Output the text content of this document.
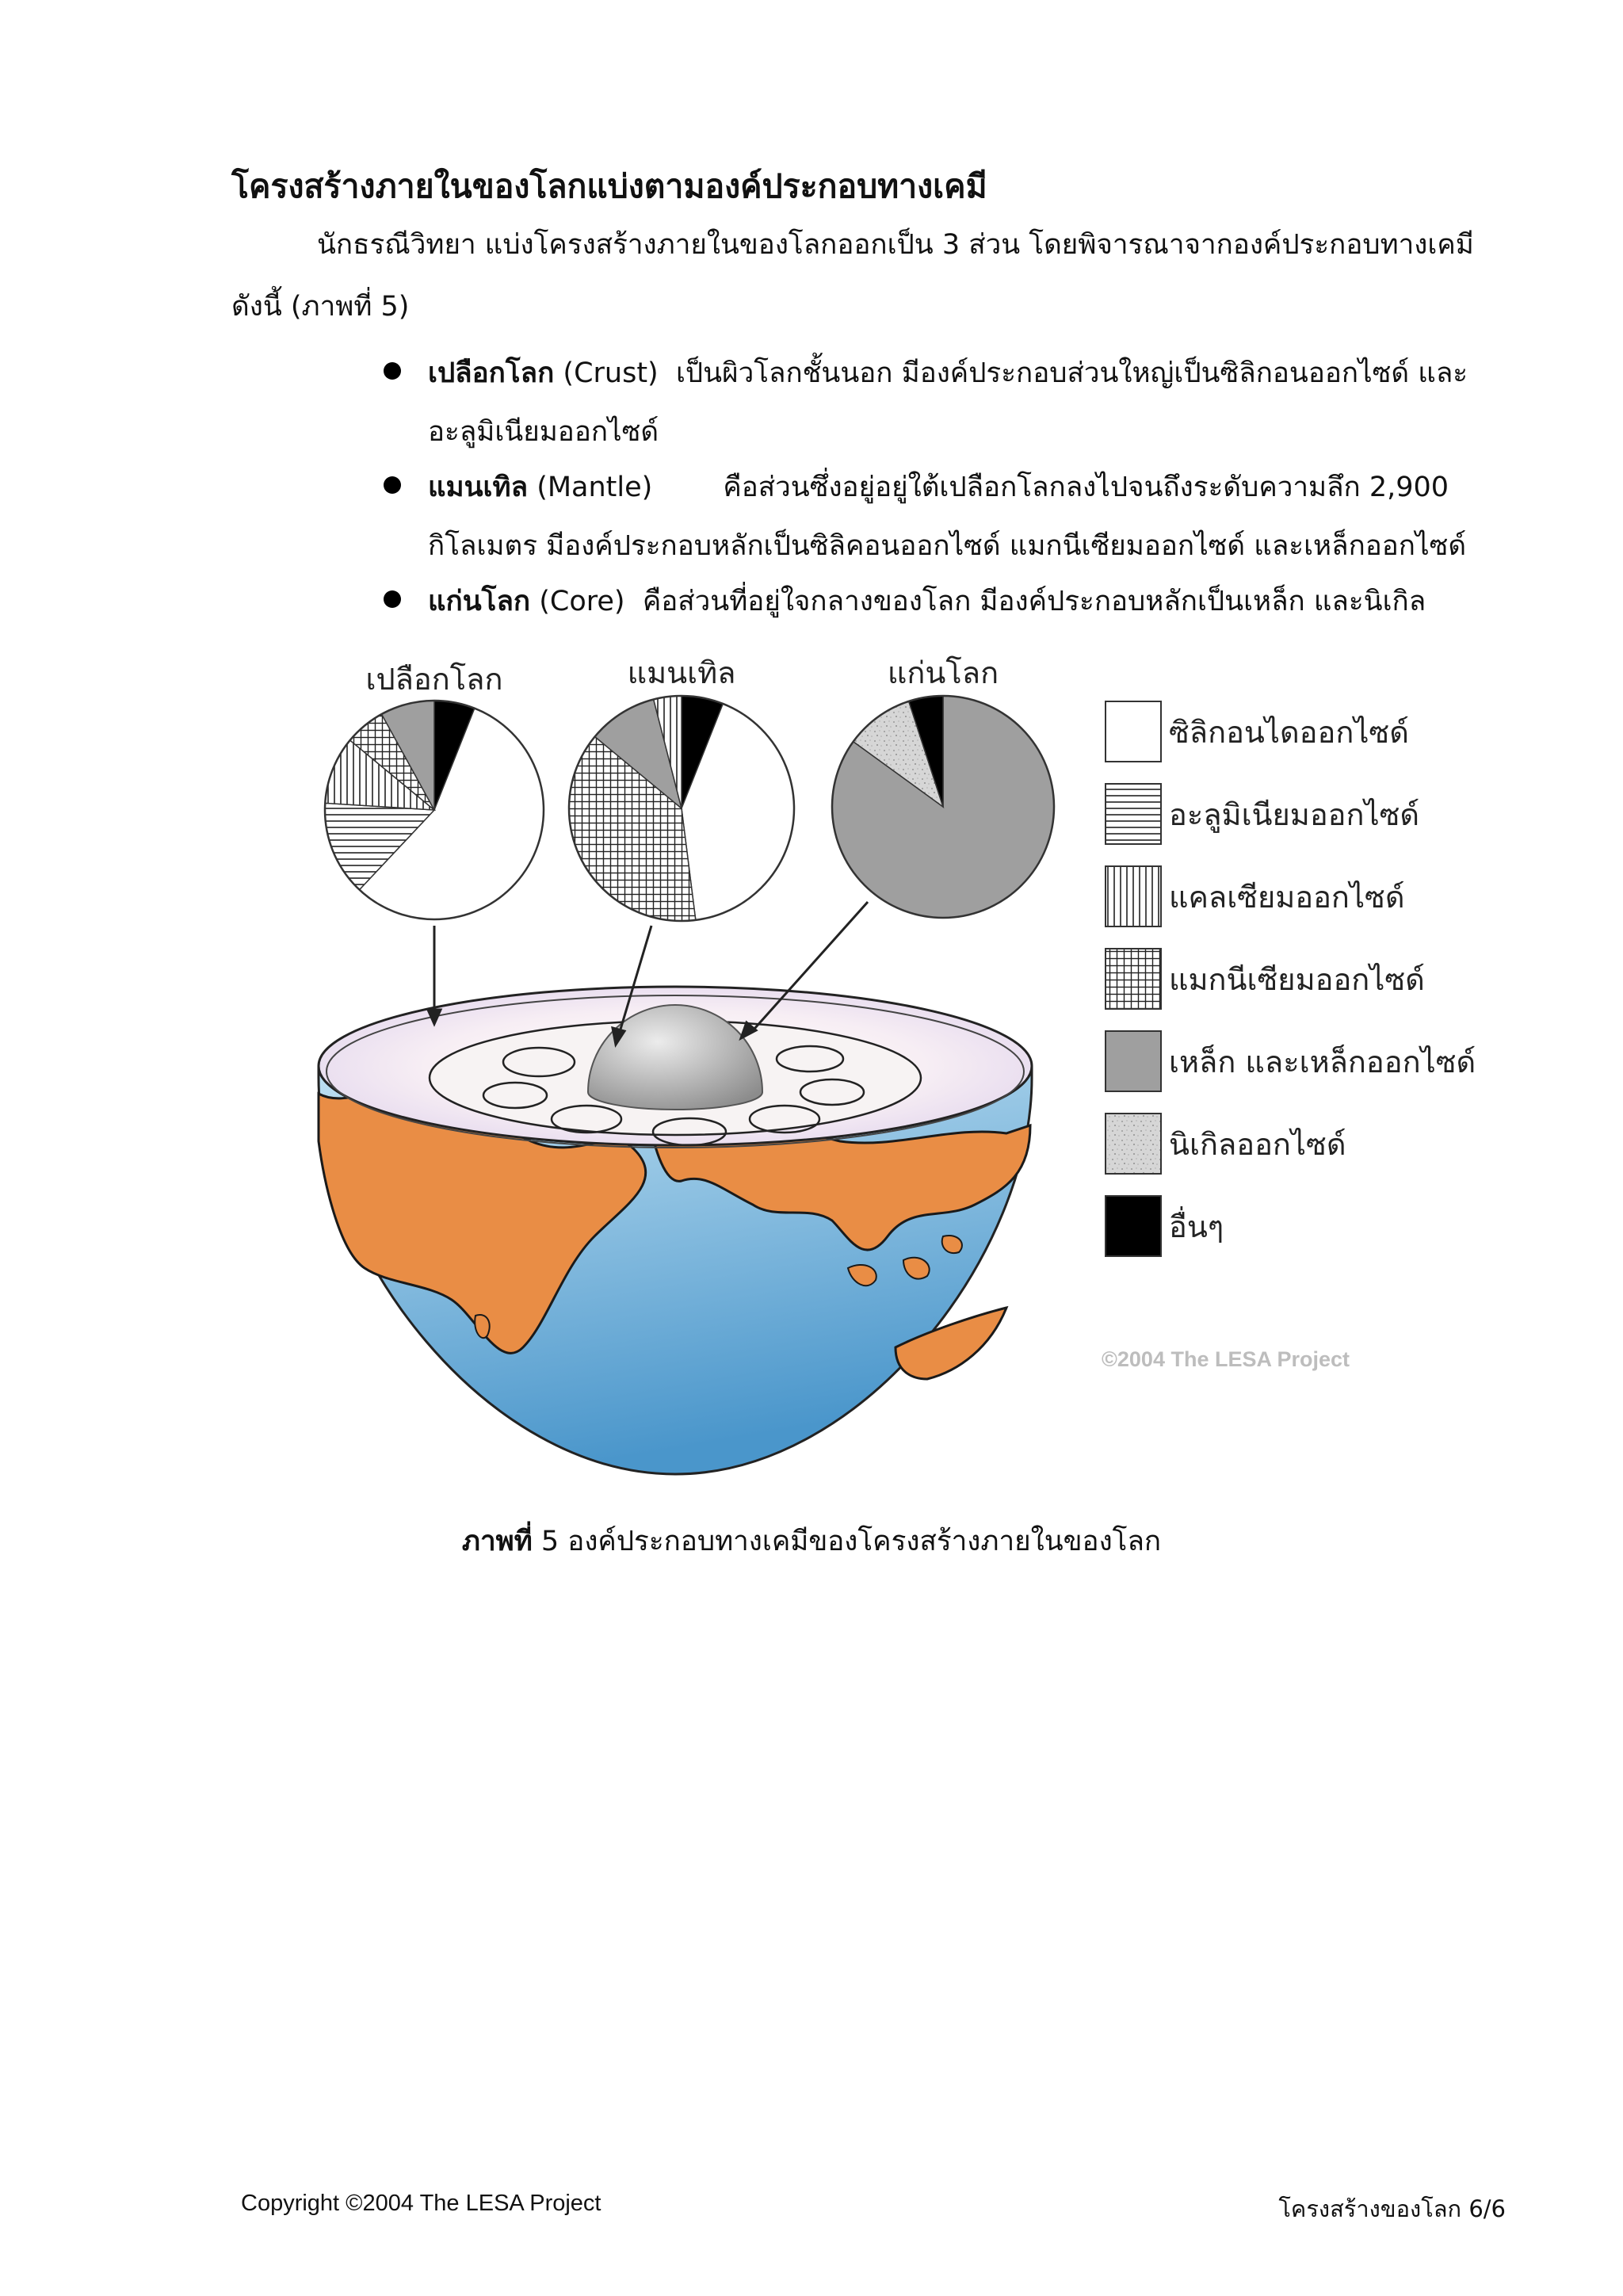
โครงสร้างภายในของโลกแบ่งตามองค์ประกอบทางเคมี
นักธรณีวิทยา แบ่งโครงสร้างภายในของโลกออกเป็น 3 ส่วน โดยพิจารณาจากองค์ประกอบทางเคมี
ดังนี้ (ภาพที่ 5)
เปลือกโลก (Crust) เป็นผิวโลกชั้นนอก มีองค์ประกอบส่วนใหญ่เป็นซิลิกอนออกไซด์ และ
อะลูมิเนียมออกไซด์
แมนเทิล (Mantle)	คือส่วนซึ่งอยู่อยู่ใต้เปลือกโลกลงไปจนถึงระดับความลึก 2,900
กิโลเมตร มีองค์ประกอบหลักเป็นซิลิคอนออกไซด์ แมกนีเซียมออกไซด์ และเหล็กออกไซด์
แก่นโลก (Core) คือส่วนที่อยู่ใจกลางของโลก มีองค์ประกอบหลักเป็นเหล็ก และนิเกิล
เปลือกโลก	แมนเทิล	แก่นโลก
ซิลิกอนไดออกไซด์
อะลูมิเนียมออกไซด์
แคลเซียมออกไซด์
แมกนีเซียมออกไซด์
เหล็ก และเหล็กออกไซด์
นิเกิลออกไซด์
อื่นๆ
©2004 The LESA Project
ภาพที่ 5 องค์ประกอบทางเคมีของโครงสร้างภายในของโลก
Copyright ©2004 The LESA Project	โครงสร้างของโลก 6/6
